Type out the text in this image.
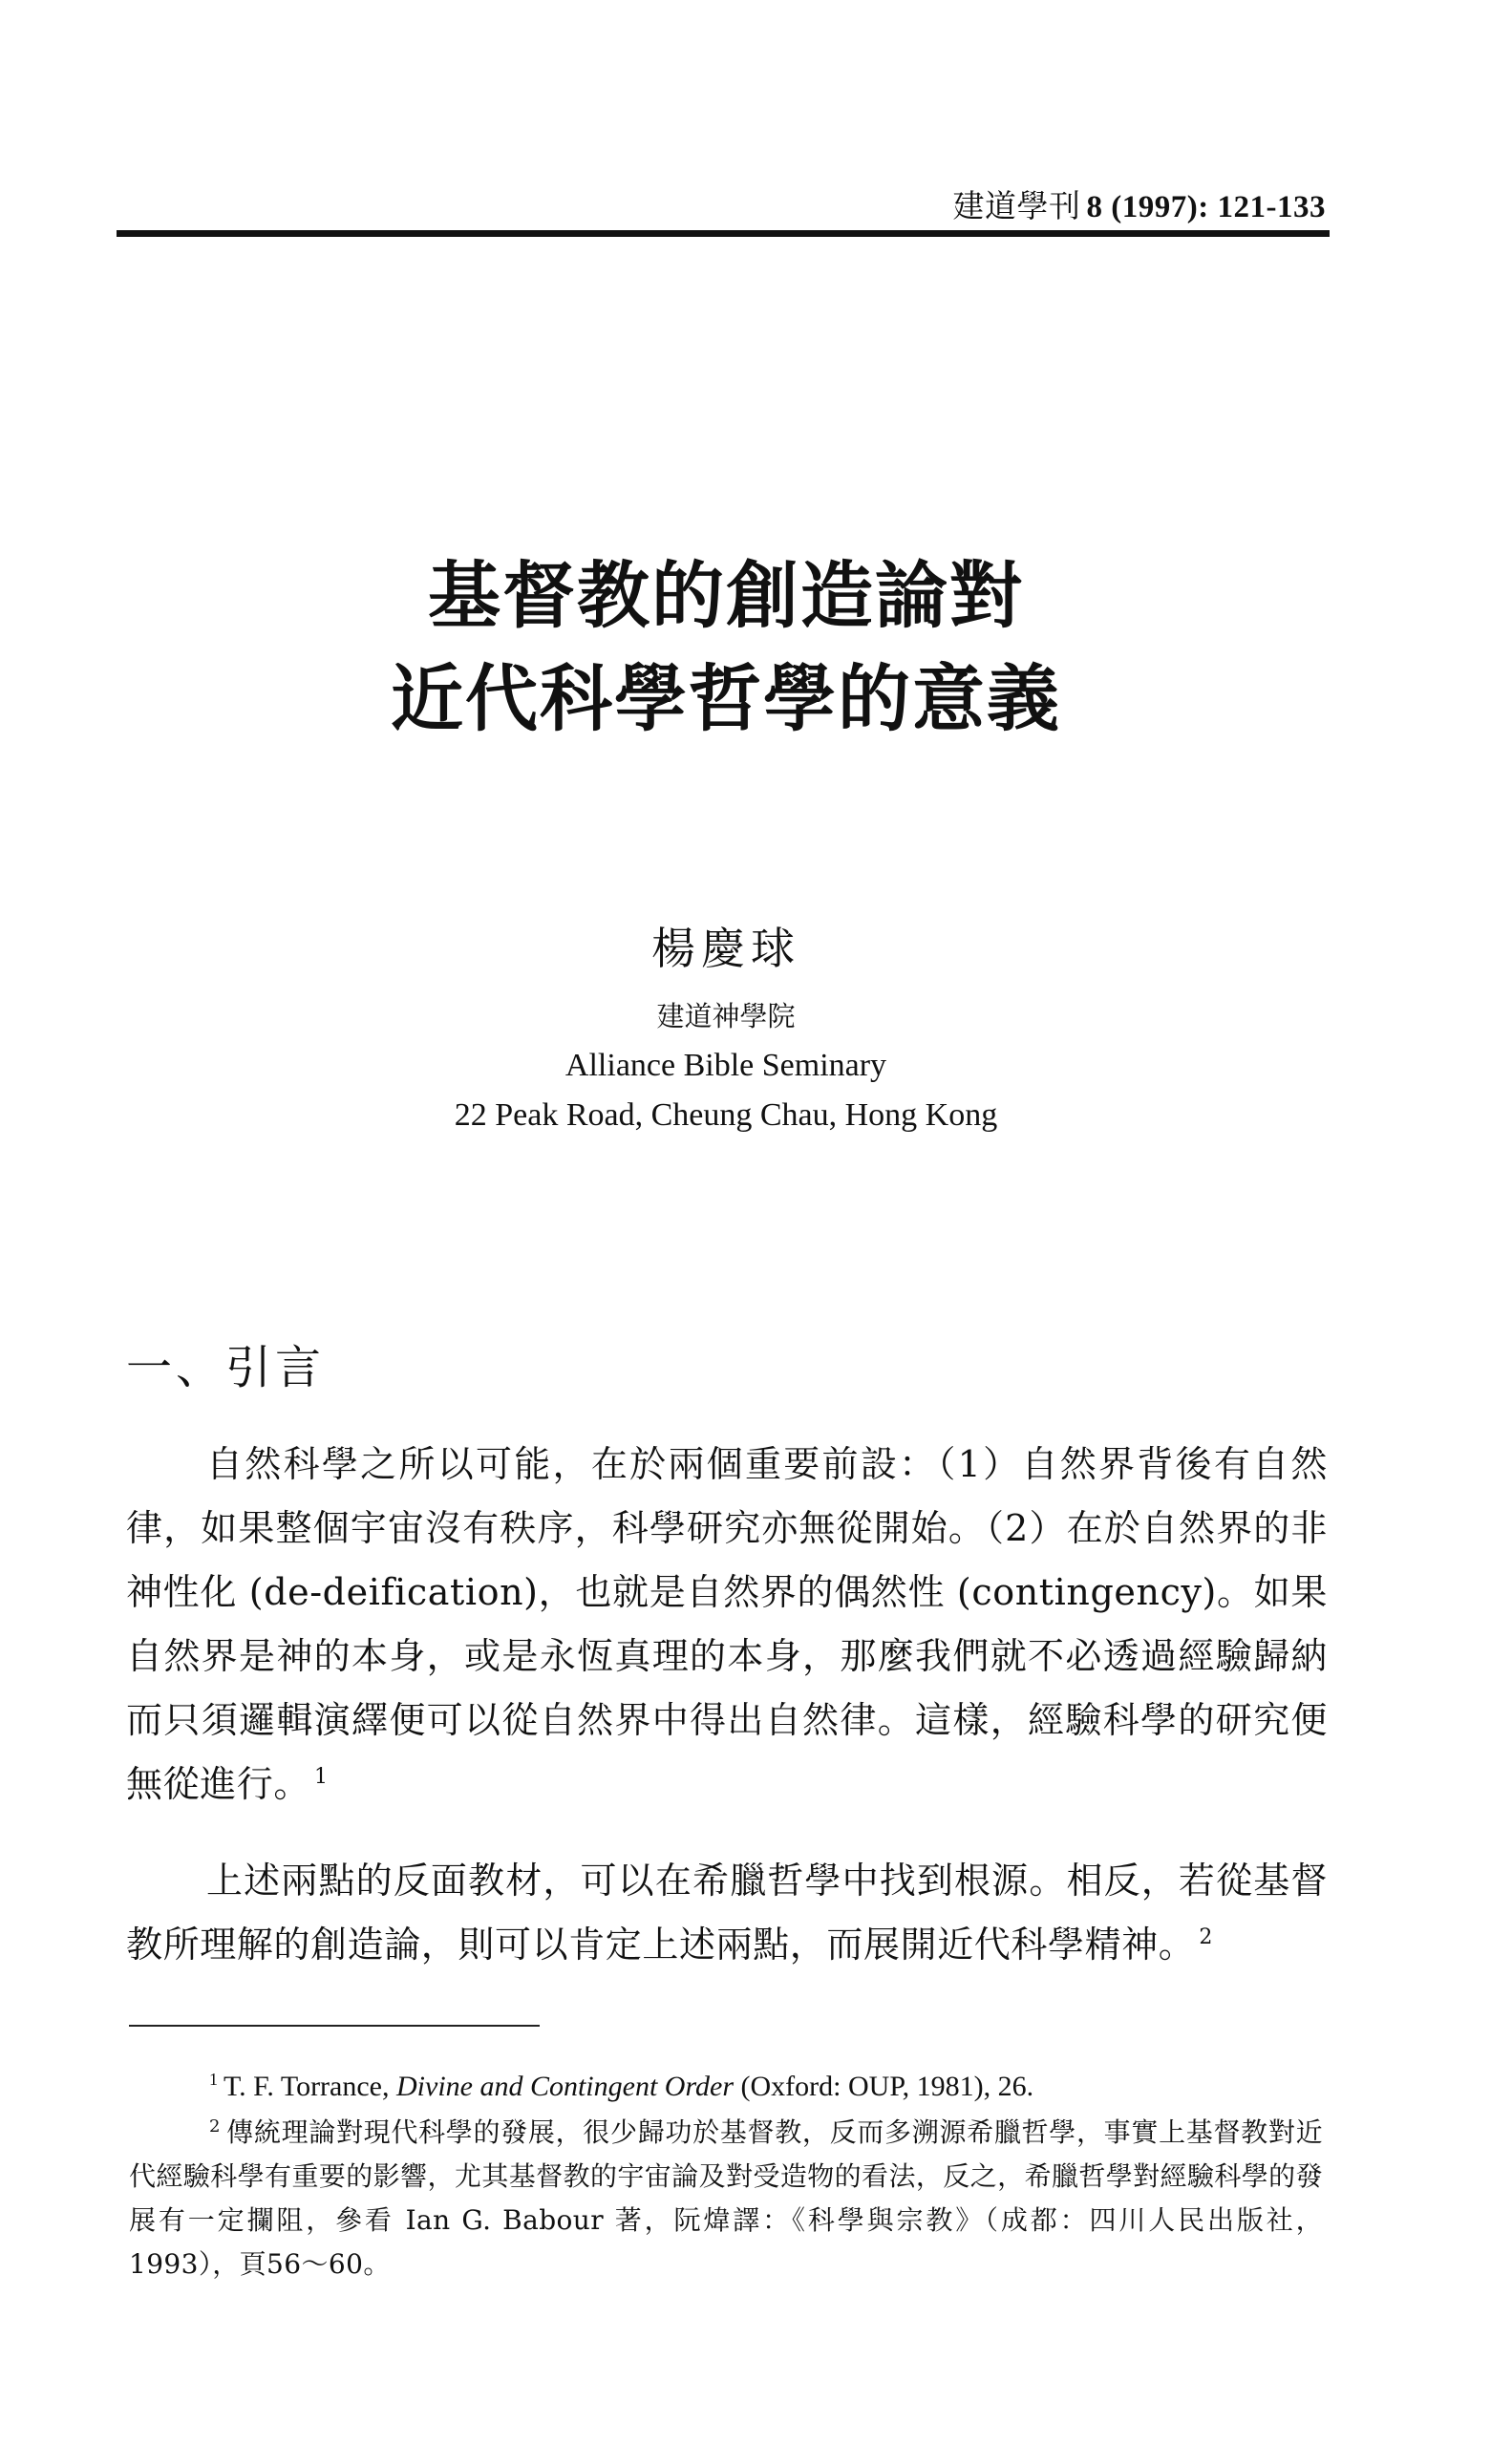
建道學刊 8 (1997): 121-133
基督教的創造論對
近代科學哲學的意義
楊慶球
建道神學院
Alliance Bible Seminary
22 Peak Road, Cheung Chau, Hong Kong
一、引言
自然科學之所以可能，在於兩個重要前設：（1）自然界背後有自然律，如果整個宇宙沒有秩序，科學研究亦無從開始。（2）在於自然界的非神性化 (de-deification)，也就是自然界的偶然性 (contingency)。如果自然界是神的本身，或是永恆真理的本身，那麼我們就不必透過經驗歸納而只須邏輯演繹便可以從自然界中得出自然律。這樣，經驗科學的研究便無從進行。 $^1$
上述兩點的反面教材，可以在希臘哲學中找到根源。相反，若從基督教所理解的創造論，則可以肯定上述兩點，而展開近代科學精神。 $^2$
$^1$ T. F. Torrance, Divine and Contingent Order (Oxford: OUP, 1981), 26.
$^2$ 傳統理論對現代科學的發展，很少歸功於基督教，反而多溯源希臘哲學，事實上基督教對近代經驗科學有重要的影響，尤其基督教的宇宙論及對受造物的看法，反之，希臘哲學對經驗科學的發展有一定攔阻，參看 Ian G. Babour 著，阮煒譯：《科學與宗教》（成都：四川人民出版社，1993），頁56～60。
